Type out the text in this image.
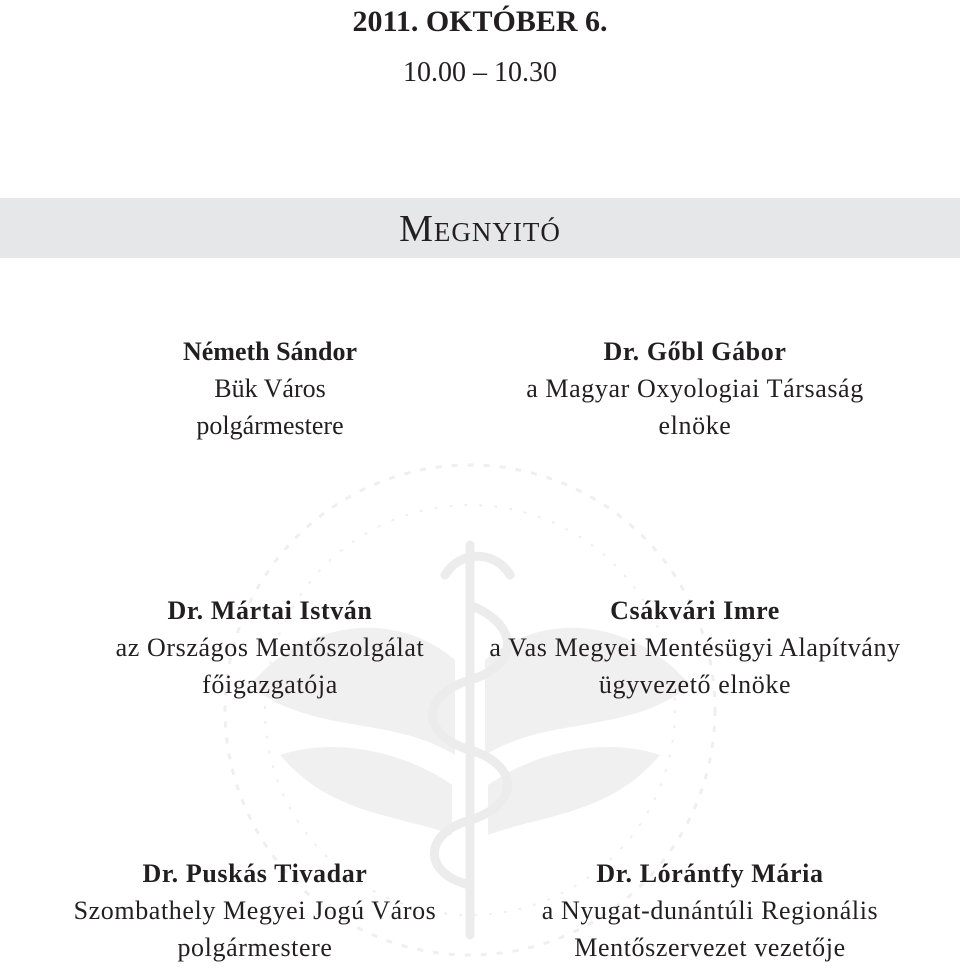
2011. OKTÓBER 6.
10.00 – 10.30
Megnyitó
Németh Sándor
Bük Város
polgármestere
Dr. Gőbl Gábor
a Magyar Oxyologiai Társaság
elnöke
Dr. Mártai István
az Országos Mentőszolgálat
főigazgatója
Csákvári Imre
a Vas Megyei Mentésügyi Alapítvány
ügyvezető elnöke
Dr. Puskás Tivadar
Szombathely Megyei Jogú Város
polgármestere
Dr. Lórántfy Mária
a Nyugat-dunántúli Regionális
Mentőszervezet vezetője
